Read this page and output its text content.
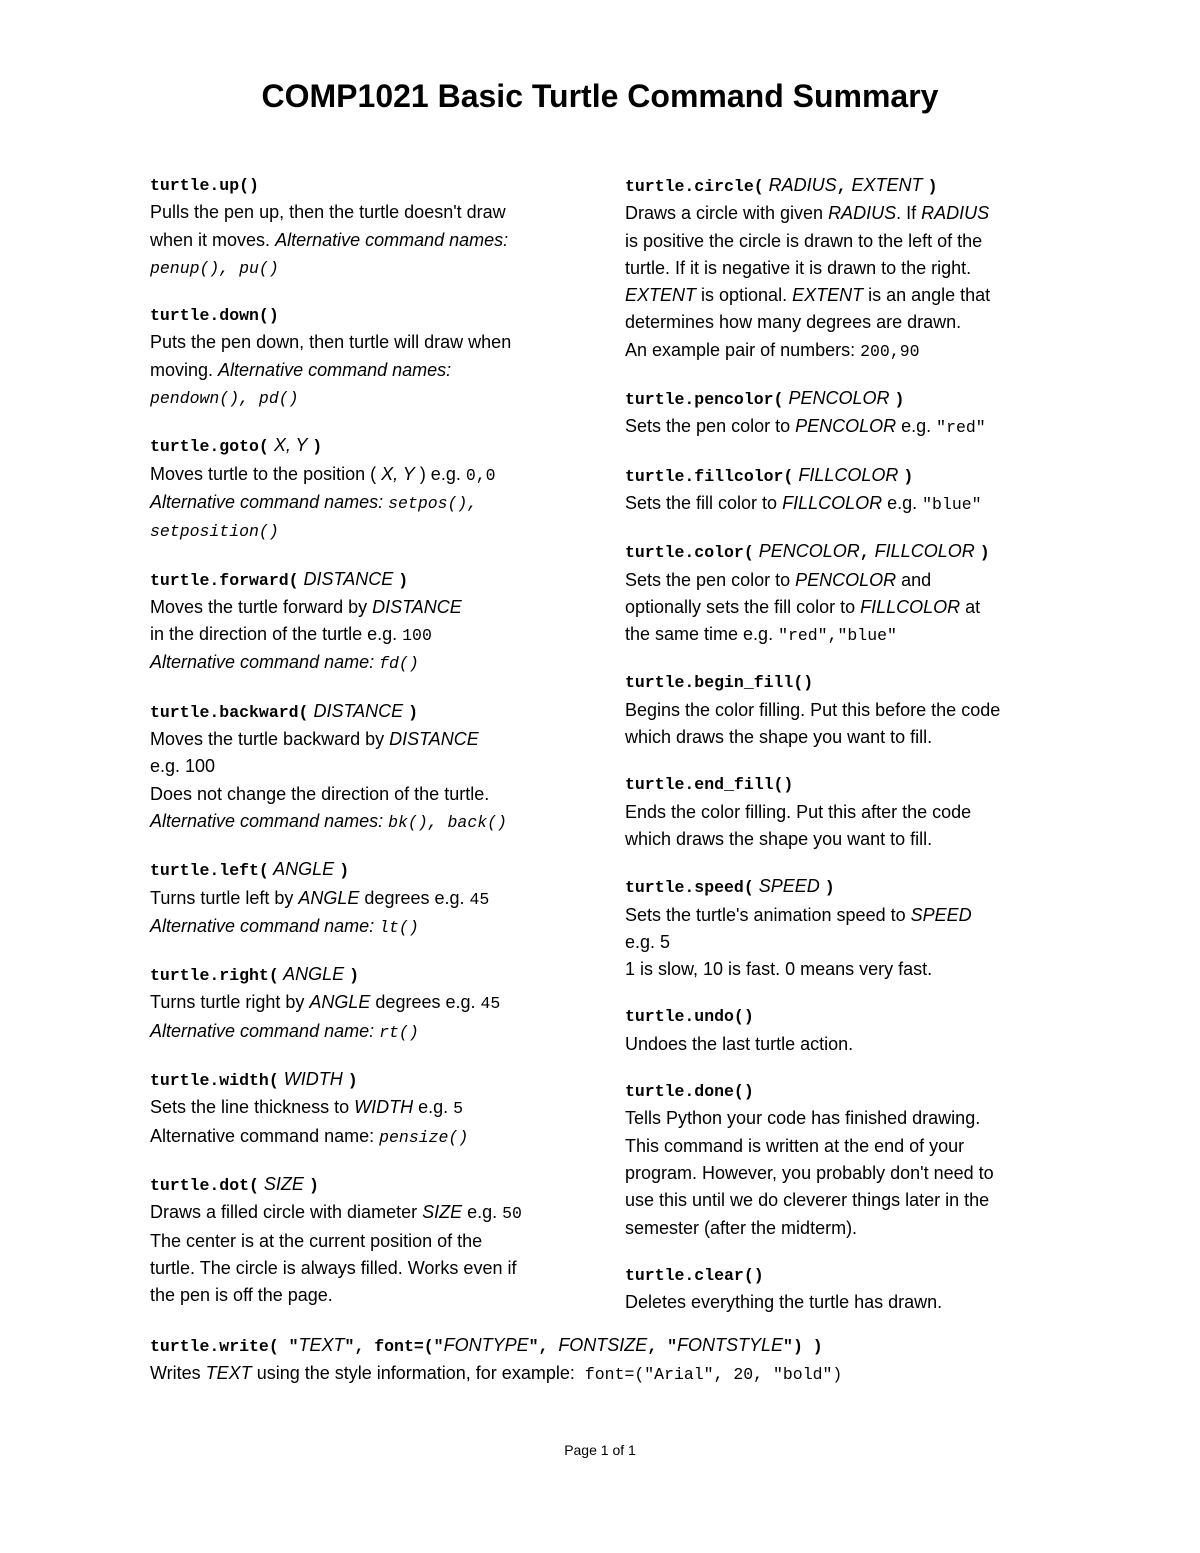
COMP1021 Basic Turtle Command Summary
turtle.up()
Pulls the pen up, then the turtle doesn't draw
when it moves. Alternative command names:
penup(), pu()
turtle.down()
Puts the pen down, then turtle will draw when
moving. Alternative command names:
pendown(), pd()
turtle.goto( X, Y )
Moves turtle to the position ( X, Y ) e.g. 0,0
Alternative command names: setpos(),
setposition()
turtle.forward( DISTANCE )
Moves the turtle forward by DISTANCE
in the direction of the turtle e.g. 100
Alternative command name: fd()
turtle.backward( DISTANCE )
Moves the turtle backward by DISTANCE
e.g. 100
Does not change the direction of the turtle.
Alternative command names: bk(), back()
turtle.left( ANGLE )
Turns turtle left by ANGLE degrees e.g. 45
Alternative command name: lt()
turtle.right( ANGLE )
Turns turtle right by ANGLE degrees e.g. 45
Alternative command name: rt()
turtle.width( WIDTH )
Sets the line thickness to WIDTH e.g. 5
Alternative command name: pensize()
turtle.dot( SIZE )
Draws a filled circle with diameter SIZE e.g. 50
The center is at the current position of the
turtle. The circle is always filled. Works even if
the pen is off the page.
turtle.circle( RADIUS, EXTENT )
Draws a circle with given RADIUS. If RADIUS
is positive the circle is drawn to the left of the
turtle. If it is negative it is drawn to the right.
EXTENT is optional. EXTENT is an angle that
determines how many degrees are drawn.
An example pair of numbers: 200,90
turtle.pencolor( PENCOLOR )
Sets the pen color to PENCOLOR e.g. "red"
turtle.fillcolor( FILLCOLOR )
Sets the fill color to FILLCOLOR e.g. "blue"
turtle.color( PENCOLOR, FILLCOLOR )
Sets the pen color to PENCOLOR and
optionally sets the fill color to FILLCOLOR at
the same time e.g. "red","blue"
turtle.begin_fill()
Begins the color filling. Put this before the code
which draws the shape you want to fill.
turtle.end_fill()
Ends the color filling. Put this after the code
which draws the shape you want to fill.
turtle.speed( SPEED )
Sets the turtle's animation speed to SPEED
e.g. 5
1 is slow, 10 is fast. 0 means very fast.
turtle.undo()
Undoes the last turtle action.
turtle.done()
Tells Python your code has finished drawing.
This command is written at the end of your
program. However, you probably don't need to
use this until we do cleverer things later in the
semester (after the midterm).
turtle.clear()
Deletes everything the turtle has drawn.
turtle.write( "TEXT", font=("FONTYPE", FONTSIZE, "FONTSTYLE") )
Writes TEXT using the style information, for example:  font=("Arial", 20, "bold")
Page 1 of 1
